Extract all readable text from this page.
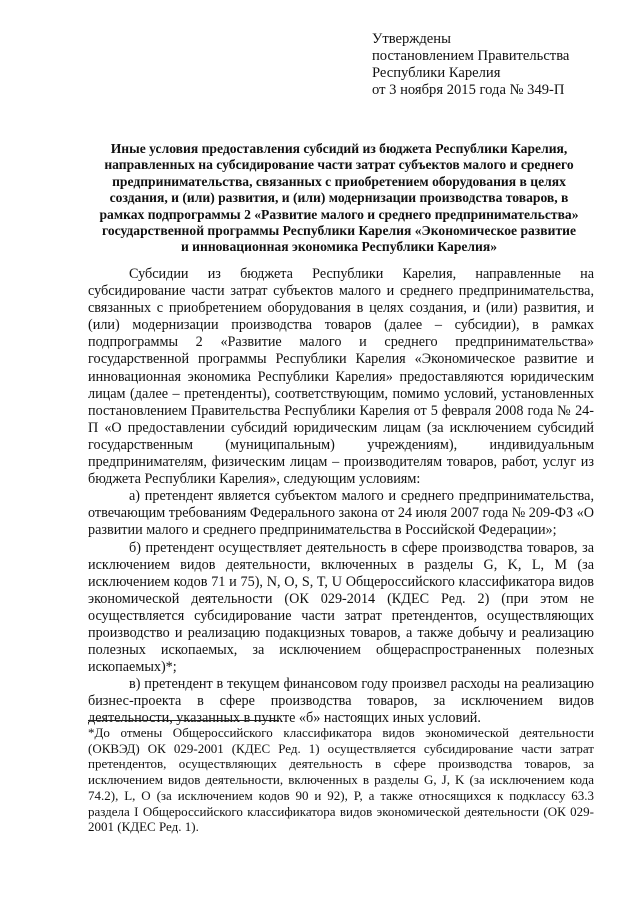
Утверждены
постановлением Правительства
Республики Карелия
от 3 ноября 2015 года № 349-П
Иные условия предоставления субсидий из бюджета Республики Карелия,
направленных на субсидирование части затрат субъектов малого и среднего
предпринимательства, связанных с приобретением оборудования в целях
создания, и (или) развития, и (или) модернизации производства товаров, в
рамках подпрограммы 2 «Развитие малого и среднего предпринимательства»
государственной программы Республики Карелия «Экономическое развитие
и инновационная экономика Республики Карелия»

Субсидии из бюджета Республики Карелия, направленные на субсидирование части затрат субъектов малого и среднего предпринимательства, связанных с приобретением оборудования в целях создания, и (или) развития, и (или) модернизации производства товаров (далее – субсидии), в рамках подпрограммы 2 «Развитие малого и среднего предпринимательства» государственной программы Республики Карелия «Экономическое развитие и инновационная экономика Республики Карелия» предоставляются юридическим лицам (далее – претенденты), соответствующим, помимо условий, установленных постановлением Правительства Республики Карелия от 5 февраля 2008 года № 24-П «О предоставлении субсидий юридическим лицам (за исключением субсидий государственным (муниципальным) учреждениям), индивидуальным предпринимателям, физическим лицам – производителям товаров, работ, услуг из бюджета Республики Карелия», следующим условиям:

а) претендент является субъектом малого и среднего предпринимательства, отвечающим требованиям Федерального закона от 24 июля 2007 года № 209-ФЗ «О развитии малого и среднего предпринимательства в Российской Федерации»;

б) претендент осуществляет деятельность в сфере производства товаров, за исключением видов деятельности, включенных в разделы G, K, L, M (за исключением кодов 71 и 75), N, O, S, T, U Общероссийского классификатора видов экономической деятельности (ОК 029-2014 (КДЕС Ред. 2) (при этом не осуществляется субсидирование части затрат претендентов, осуществляющих производство и реализацию подакцизных товаров, а также добычу и реализацию полезных ископаемых, за исключением общераспространенных полезных ископаемых)*;

в) претендент в текущем финансовом году произвел расходы на реализацию бизнес-проекта в сфере производства товаров, за исключением видов деятельности, указанных в пункте «б» настоящих иных условий.

*До отмены Общероссийского классификатора видов экономической деятельности (ОКВЭД) ОК 029-2001 (КДЕС Ред. 1) осуществляется субсидирование части затрат претендентов, осуществляющих деятельность в сфере производства товаров, за исключением видов деятельности, включенных в разделы G, J, K (за исключением кода 74.2), L, O (за исключением кодов 90 и 92), P, а также относящихся к подклассу 63.3 раздела I Общероссийского классификатора видов экономической деятельности (ОК 029-2001 (КДЕС Ред. 1).
